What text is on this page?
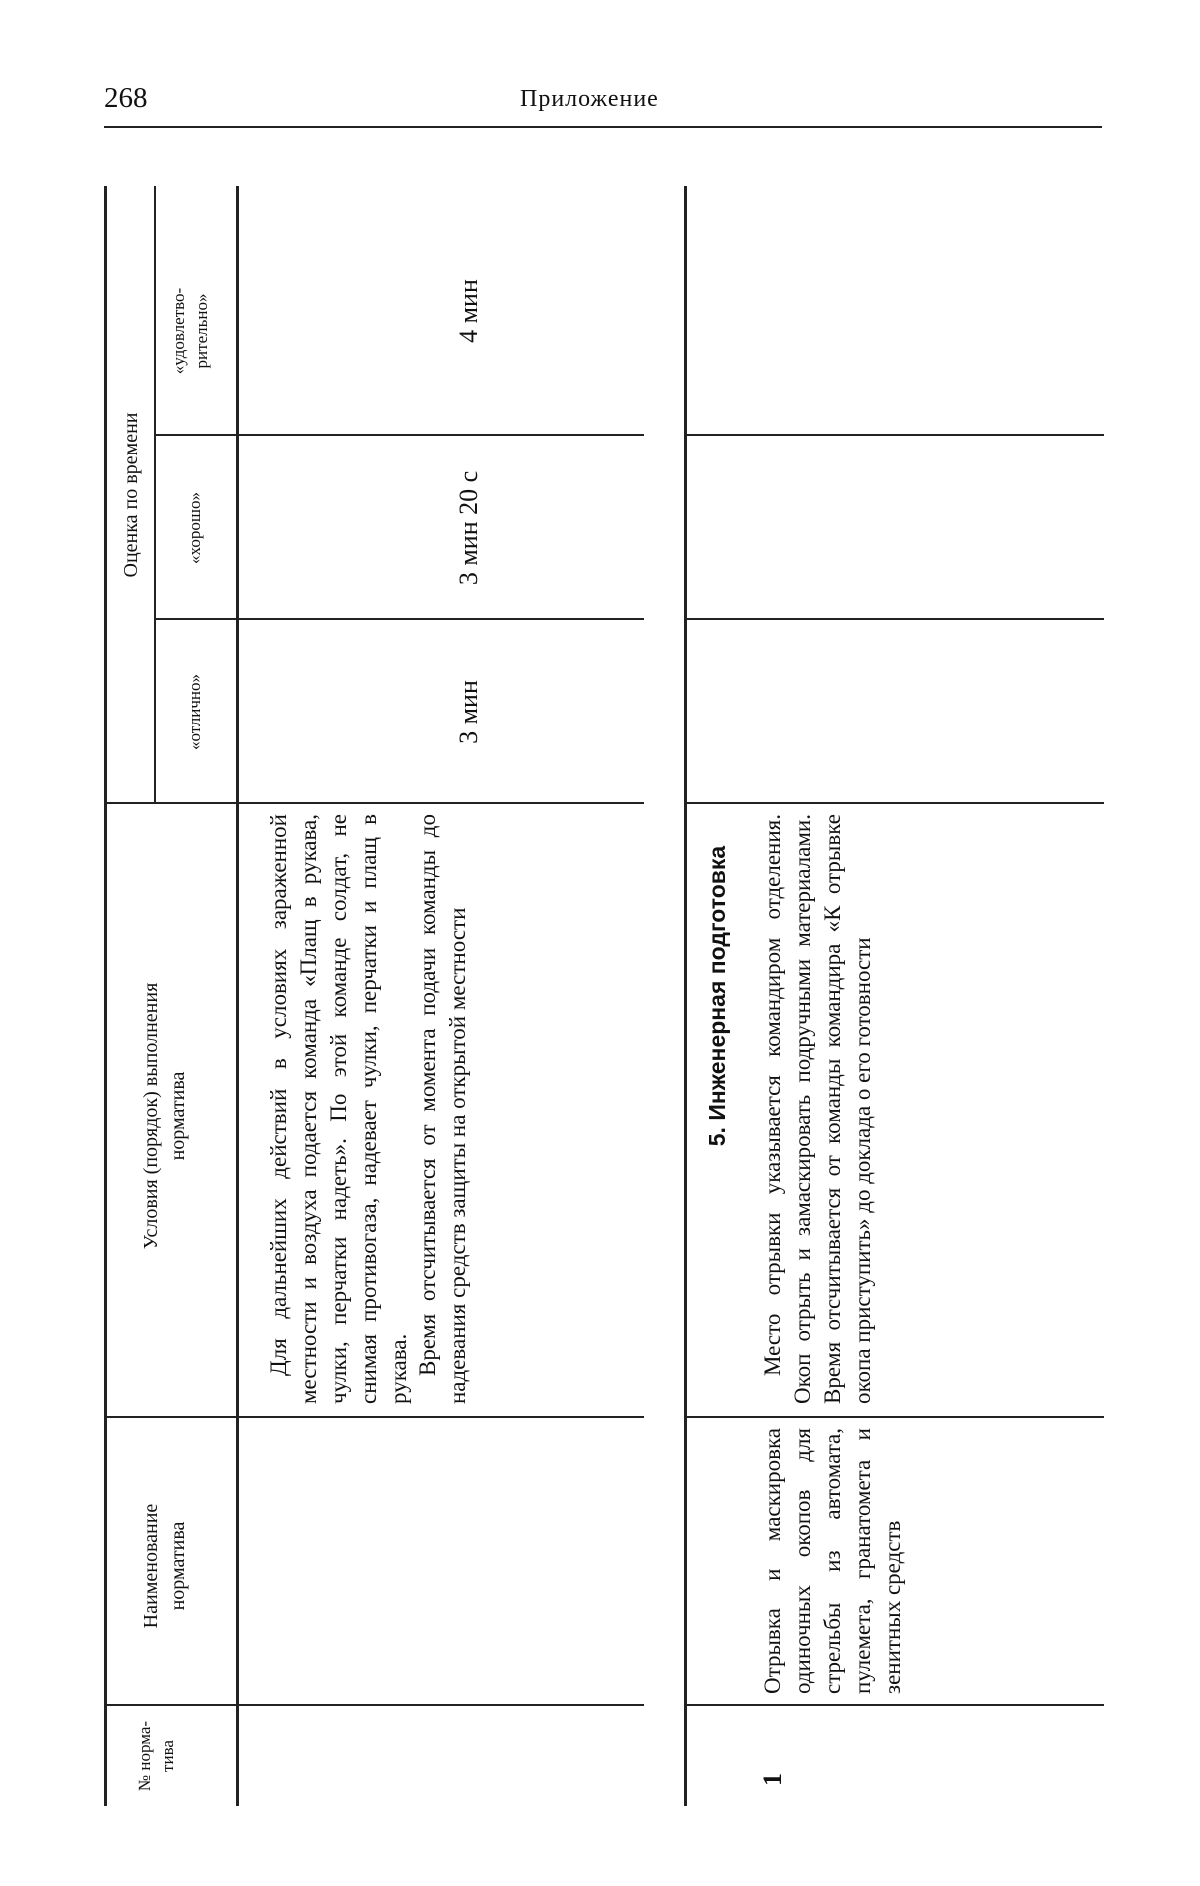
268	Приложение
№ норма-тива
Наименование норматива
Условия (порядок) выполнения норматива
Оценка по времени
«отлично»
«хорошо»
«удовлетво-рительно»

Для дальнейших действий в условиях зараженной местности и воздуха подается команда «Плащ в рукава, чулки, перчатки надеть». По этой команде солдат, не снимая противогаза, надевает чулки, перчатки и плащ в рукава. Время отсчитывается от момента подачи команды до надевания средств защиты на открытой местности

3 мин
3 мин 20 с
4 мин
5. Инженерная подготовка
1
Отрывка и маскировка одиночных окопов для стрельбы из автомата, пулемета, гранатомета и зенитных средств
Место отрывки указывается командиром отделения. Окоп отрыть и замаскировать подручными материалами. Время отсчитывается от команды командира «К отрывке окопа приступить» до доклада о его готовности
